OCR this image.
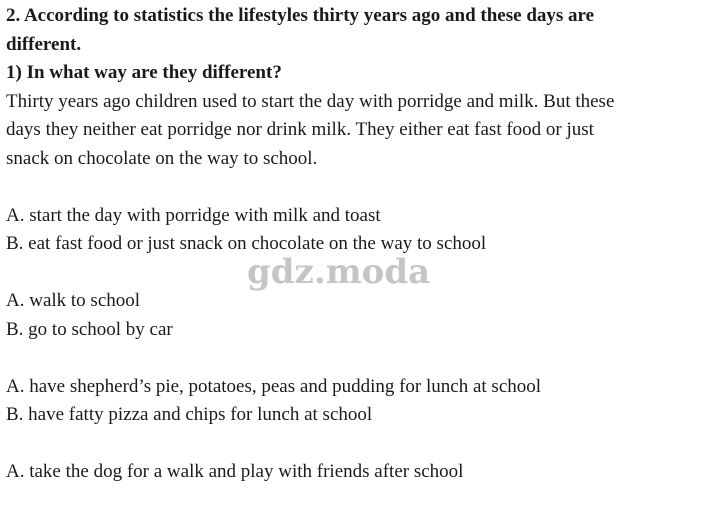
2. According to statistics the lifestyles thirty years ago and these days are

different.

1) In what way are they different?

Thirty years ago children used to start the day with porridge and milk. But these

days they neither eat porridge nor drink milk. They either eat fast food or just

snack on chocolate on the way to school.

A. start the day with porridge with milk and toast

B. eat fast food or just snack on chocolate on the way to school

A. walk to school

B. go to school by car

A. have shepherd’s pie, potatoes, peas and pudding for lunch at school

B. have fatty pizza and chips for lunch at school

A. take the dog for a walk and play with friends after school

gdz.moda
